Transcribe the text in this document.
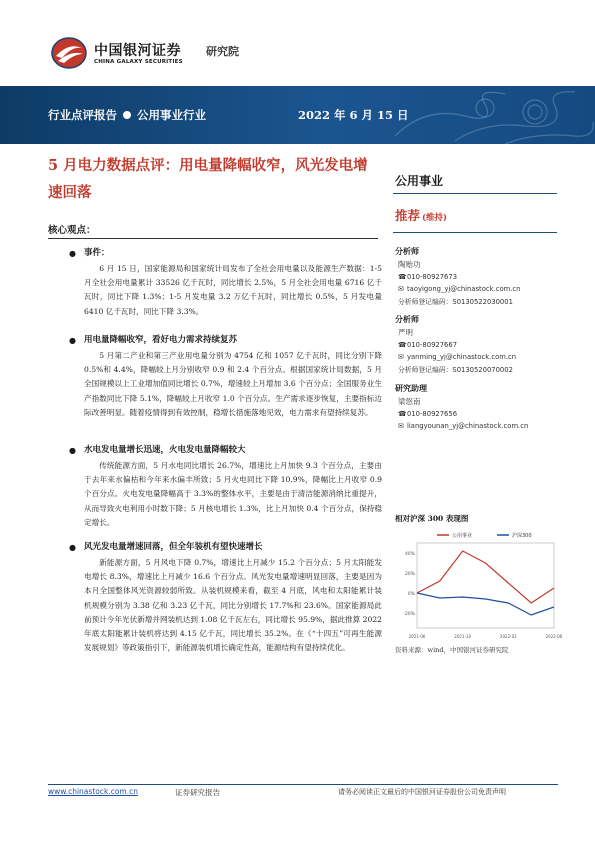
中国银河证券
CHINA GALAXY SECURITIES
研究院
行业点评报告 公用事业行业	2022 年 6 月 15 日
5 月电力数据点评：用电量降幅收窄，风光发电增速回落
公用事业
推荐 (维持)
分析师
陶贻功
☎010-80927673
✉ taoyigong_yj@chinastock.com.cn
分析师登记编码：S0130522030001
分析师
严明
☎010-80927667
✉ yanming_yj@chinastock.com.cn
分析师登记编码：S0130520070002
研究助理
梁悠南
☎010-80927656
✉ liangyounan_yj@chinastock.com.cn
相对沪深 300 表现图
-20%
0%
20%
40%
2021-06	2021-10	2022-02	2022-06
公用事业	沪深300
资料来源：wind，中国银河证券研究院
核心观点：
● 事件：
6 月 15 日，国家能源局和国家统计局发布了全社会用电量以及能源生产数据：1-5 月全社会用电量累计 33526 亿千瓦时，同比增长 2.5%，5 月全社会用电量 6716 亿千瓦时，同比下降 1.3%；1-5 月发电量 3.2 万亿千瓦时，同比增长 0.5%，5 月发电量 6410 亿千瓦时，同比下降 3.3%。
● 用电量降幅收窄，看好电力需求持续复苏
5 月第二产业和第三产业用电量分别为 4754 亿和 1057 亿千瓦时，同比分别下降 0.5%和 4.4%，降幅较上月分别收窄 0.9 和 2.4 个百分点。根据国家统计局数据，5 月全国规模以上工业增加值同比增长 0.7%，增速较上月增加 3.6 个百分点；全国服务业生产指数同比下降 5.1%，降幅较上月收窄 1.0 个百分点。生产需求逐步恢复，主要指标边际改善明显。随着疫情得到有效控制，稳增长措施落地见效，电力需求有望持续复苏。
● 水电发电量增长迅速，火电发电量降幅较大
传统能源方面，5 月水电同比增长 26.7%，增速比上月加快 9.3 个百分点，主要由于去年来水偏枯和今年来水偏丰所致；5 月火电同比下降 10.9%，降幅比上月收窄 0.9 个百分点。火电发电量降幅高于 3.3%的整体水平，主要是由于清洁能源消纳比重提升，从而导致火电利用小时数下降；5 月核电增长 1.3%，比上月加快 0.4 个百分点，保持稳定增长。
● 风光发电量增速回落，但全年装机有望快速增长
新能源方面，5 月风电下降 0.7%，增速比上月减少 15.2 个百分点；5 月太阳能发电增长 8.3%，增速比上月减少 16.6 个百分点。风光发电量增速明显回落，主要是因为本月全国整体风光资源较弱所致。从装机规模来看，截至 4 月底，风电和太阳能累计装机规模分别为 3.38 亿和 3.23 亿千瓦，同比分别增长 17.7%和 23.6%。国家能源局此前预计今年光伏新增并网装机达到 1.08 亿千瓦左右，同比增长 95.9%，据此推算 2022 年底太阳能累计装机将达到 4.15 亿千瓦，同比增长 35.2%。在《“十四五”可再生能源发展规划》等政策指引下，新能源装机增长确定性高，能源结构有望持续优化。
www.chinastock.com.cn	证券研究报告	请务必阅读正文最后的中国银河证券股份公司免责声明
